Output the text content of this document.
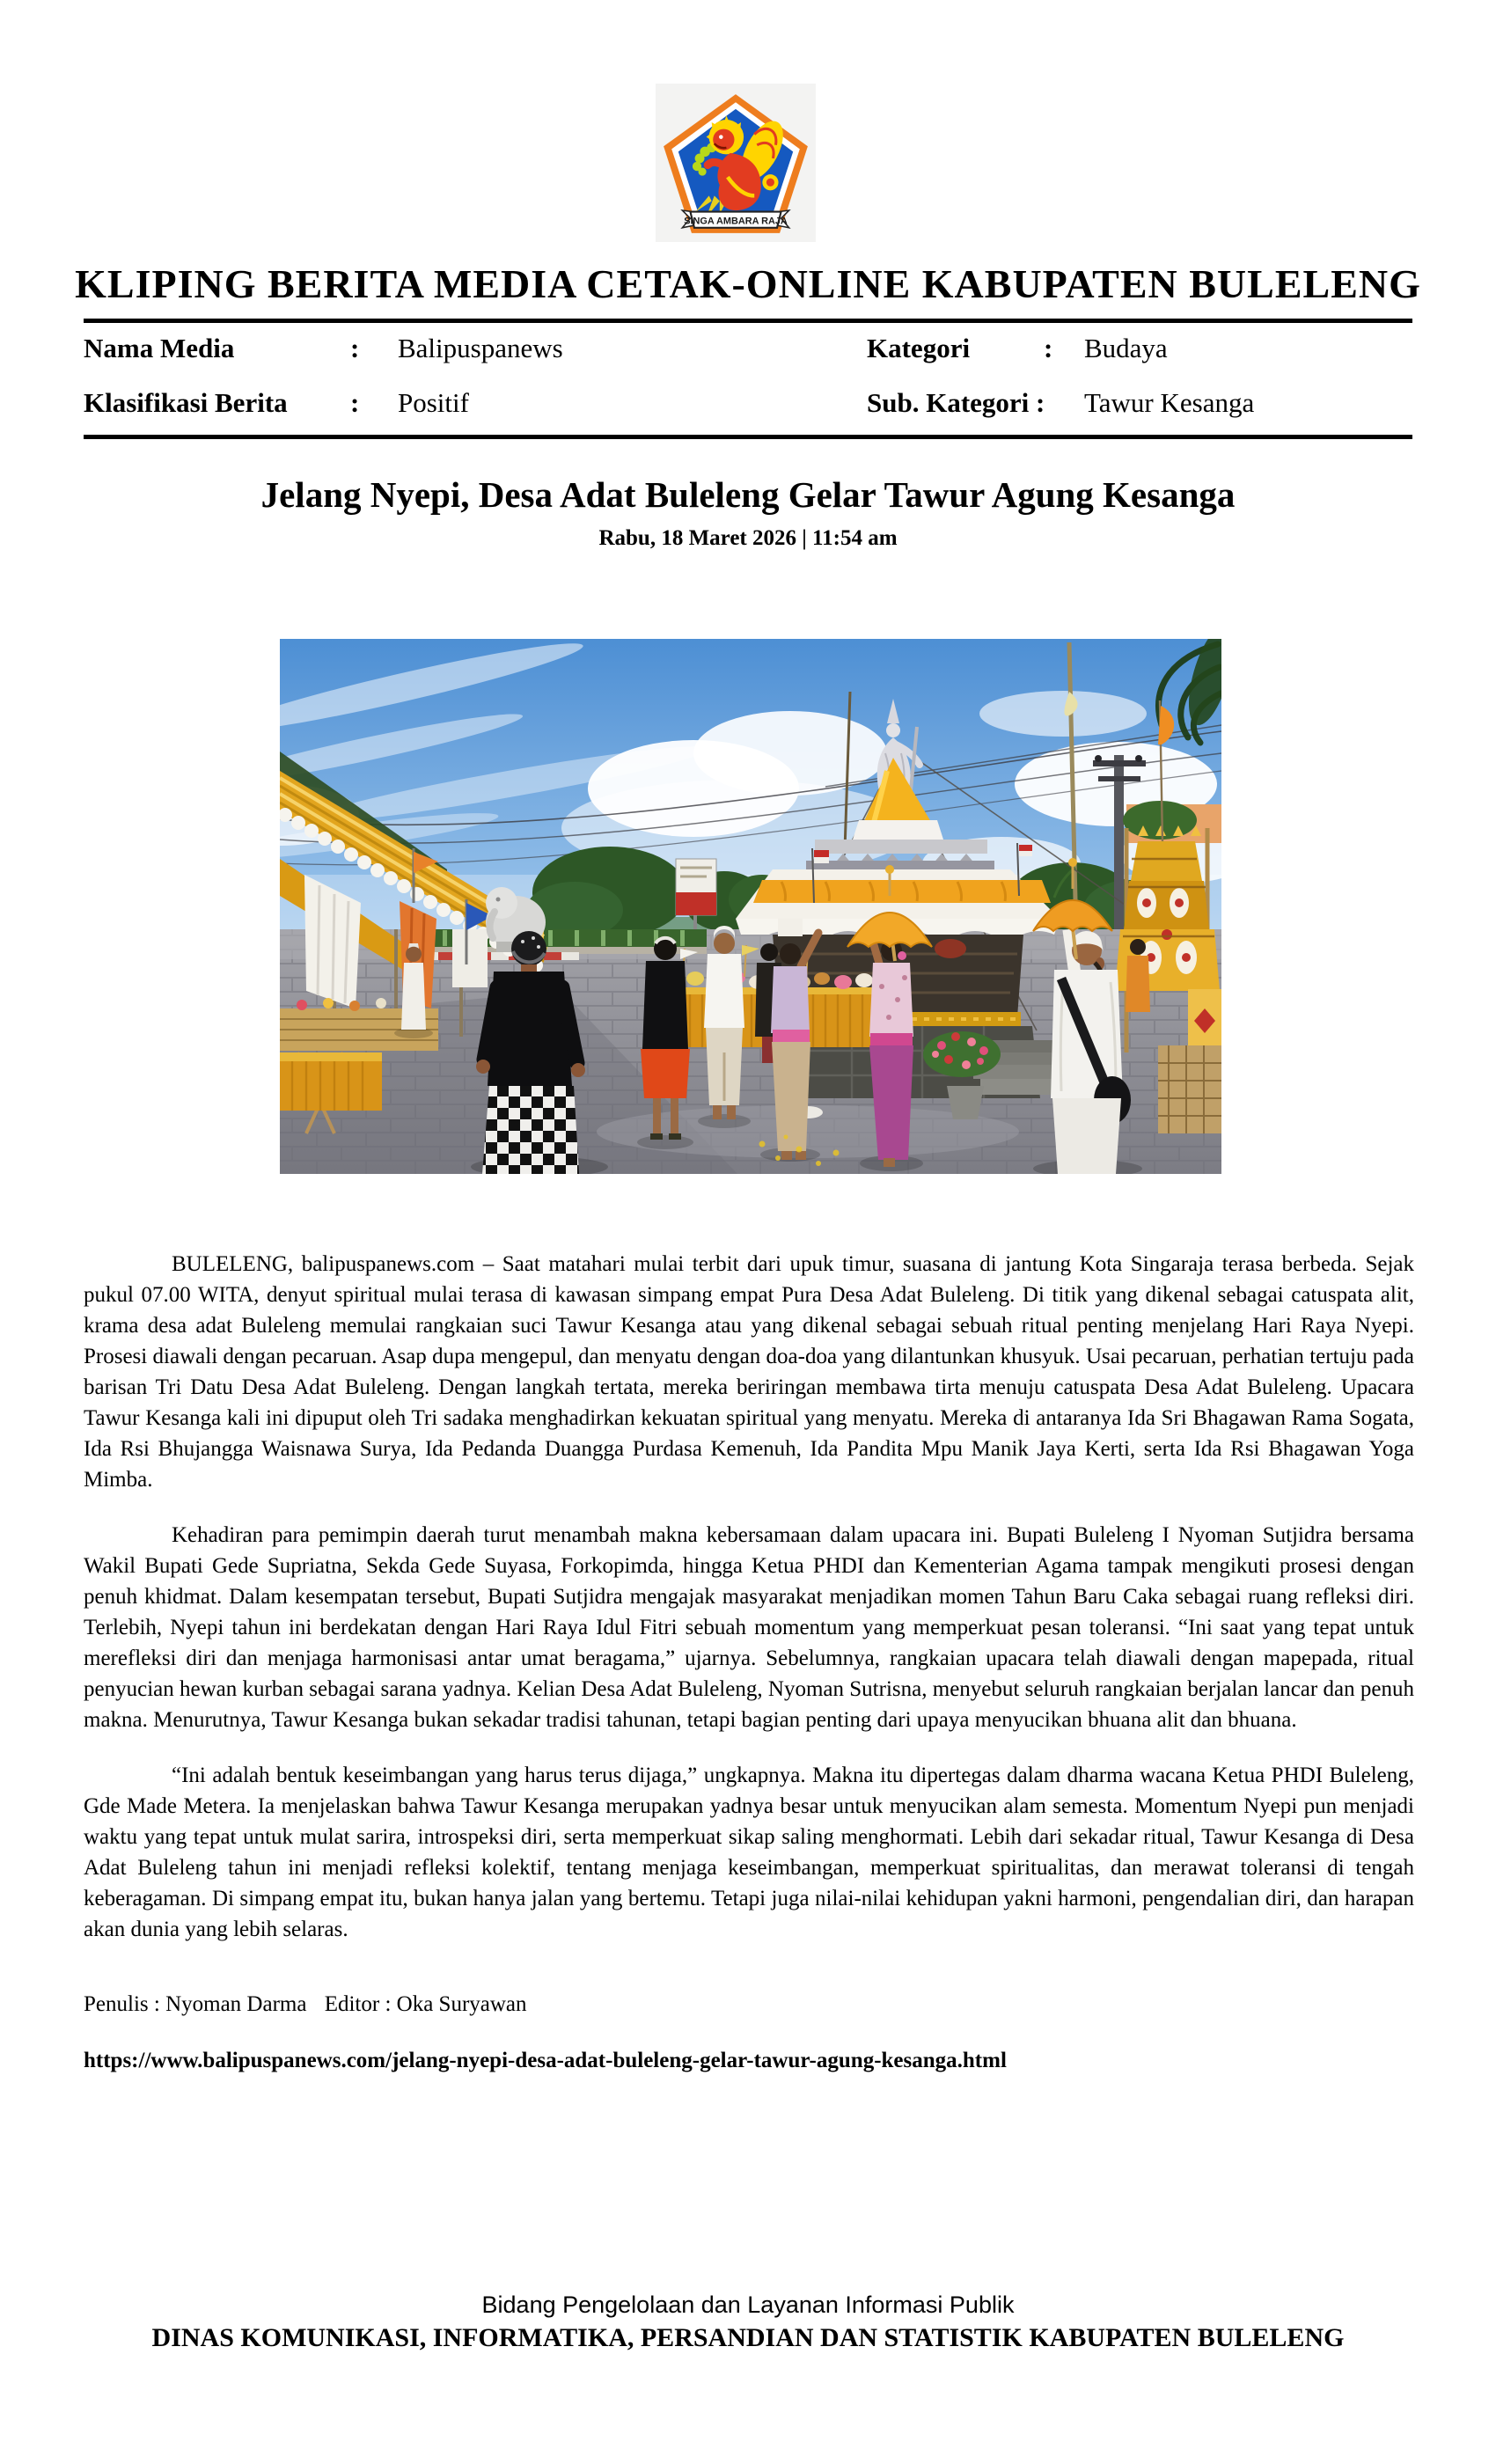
SINGA AMBARA RAJA
KLIPING BERITA MEDIA CETAK-ONLINE KABUPATEN BULELENG
Nama Media	: Balipuspanews	Kategori	: Budaya
Klasifikasi Berita : Positif	Sub. Kategori : Tawur Kesanga
Jelang Nyepi, Desa Adat Buleleng Gelar Tawur Agung Kesanga
Rabu, 18 Maret 2026 | 11:54 am

BULELENG, balipuspanews.com – Saat matahari mulai terbit dari upuk timur, suasana di jantung Kota Singaraja terasa berbeda. Sejak pukul 07.00 WITA, denyut spiritual mulai terasa di kawasan simpang empat Pura Desa Adat Buleleng. Di titik yang dikenal sebagai catuspata alit, krama desa adat Buleleng memulai rangkaian suci Tawur Kesanga atau yang dikenal sebagai sebuah ritual penting menjelang Hari Raya Nyepi. Prosesi diawali dengan pecaruan. Asap dupa mengepul, dan menyatu dengan doa-doa yang dilantunkan khusyuk. Usai pecaruan, perhatian tertuju pada barisan Tri Datu Desa Adat Buleleng. Dengan langkah tertata, mereka beriringan membawa tirta menuju catuspata Desa Adat Buleleng. Upacara Tawur Kesanga kali ini dipuput oleh Tri sadaka menghadirkan kekuatan spiritual yang menyatu. Mereka di antaranya Ida Sri Bhagawan Rama Sogata, Ida Rsi Bhujangga Waisnawa Surya, Ida Pedanda Duangga Purdasa Kemenuh, Ida Pandita Mpu Manik Jaya Kerti, serta Ida Rsi Bhagawan Yoga Mimba.

Kehadiran para pemimpin daerah turut menambah makna kebersamaan dalam upacara ini. Bupati Buleleng I Nyoman Sutjidra bersama Wakil Bupati Gede Supriatna, Sekda Gede Suyasa, Forkopimda, hingga Ketua PHDI dan Kementerian Agama tampak mengikuti prosesi dengan penuh khidmat. Dalam kesempatan tersebut, Bupati Sutjidra mengajak masyarakat menjadikan momen Tahun Baru Caka sebagai ruang refleksi diri. Terlebih, Nyepi tahun ini berdekatan dengan Hari Raya Idul Fitri sebuah momentum yang memperkuat pesan toleransi. “Ini saat yang tepat untuk merefleksi diri dan menjaga harmonisasi antar umat beragama,” ujarnya. Sebelumnya, rangkaian upacara telah diawali dengan mapepada, ritual penyucian hewan kurban sebagai sarana yadnya. Kelian Desa Adat Buleleng, Nyoman Sutrisna, menyebut seluruh rangkaian berjalan lancar dan penuh makna. Menurutnya, Tawur Kesanga bukan sekadar tradisi tahunan, tetapi bagian penting dari upaya menyucikan bhuana alit dan bhuana.

“Ini adalah bentuk keseimbangan yang harus terus dijaga,” ungkapnya. Makna itu dipertegas dalam dharma wacana Ketua PHDI Buleleng, Gde Made Metera. Ia menjelaskan bahwa Tawur Kesanga merupakan yadnya besar untuk menyucikan alam semesta. Momentum Nyepi pun menjadi waktu yang tepat untuk mulat sarira, introspeksi diri, serta memperkuat sikap saling menghormati. Lebih dari sekadar ritual, Tawur Kesanga di Desa Adat Buleleng tahun ini menjadi refleksi kolektif, tentang menjaga keseimbangan, memperkuat spiritualitas, dan merawat toleransi di tengah keberagaman. Di simpang empat itu, bukan hanya jalan yang bertemu. Tetapi juga nilai-nilai kehidupan yakni harmoni, pengendalian diri, dan harapan akan dunia yang lebih selaras.

Penulis : Nyoman Darma Editor : Oka Suryawan
https://www.balipuspanews.com/jelang-nyepi-desa-adat-buleleng-gelar-tawur-agung-kesanga.html
Bidang Pengelolaan dan Layanan Informasi Publik
DINAS KOMUNIKASI, INFORMATIKA, PERSANDIAN DAN STATISTIK KABUPATEN BULELENG
